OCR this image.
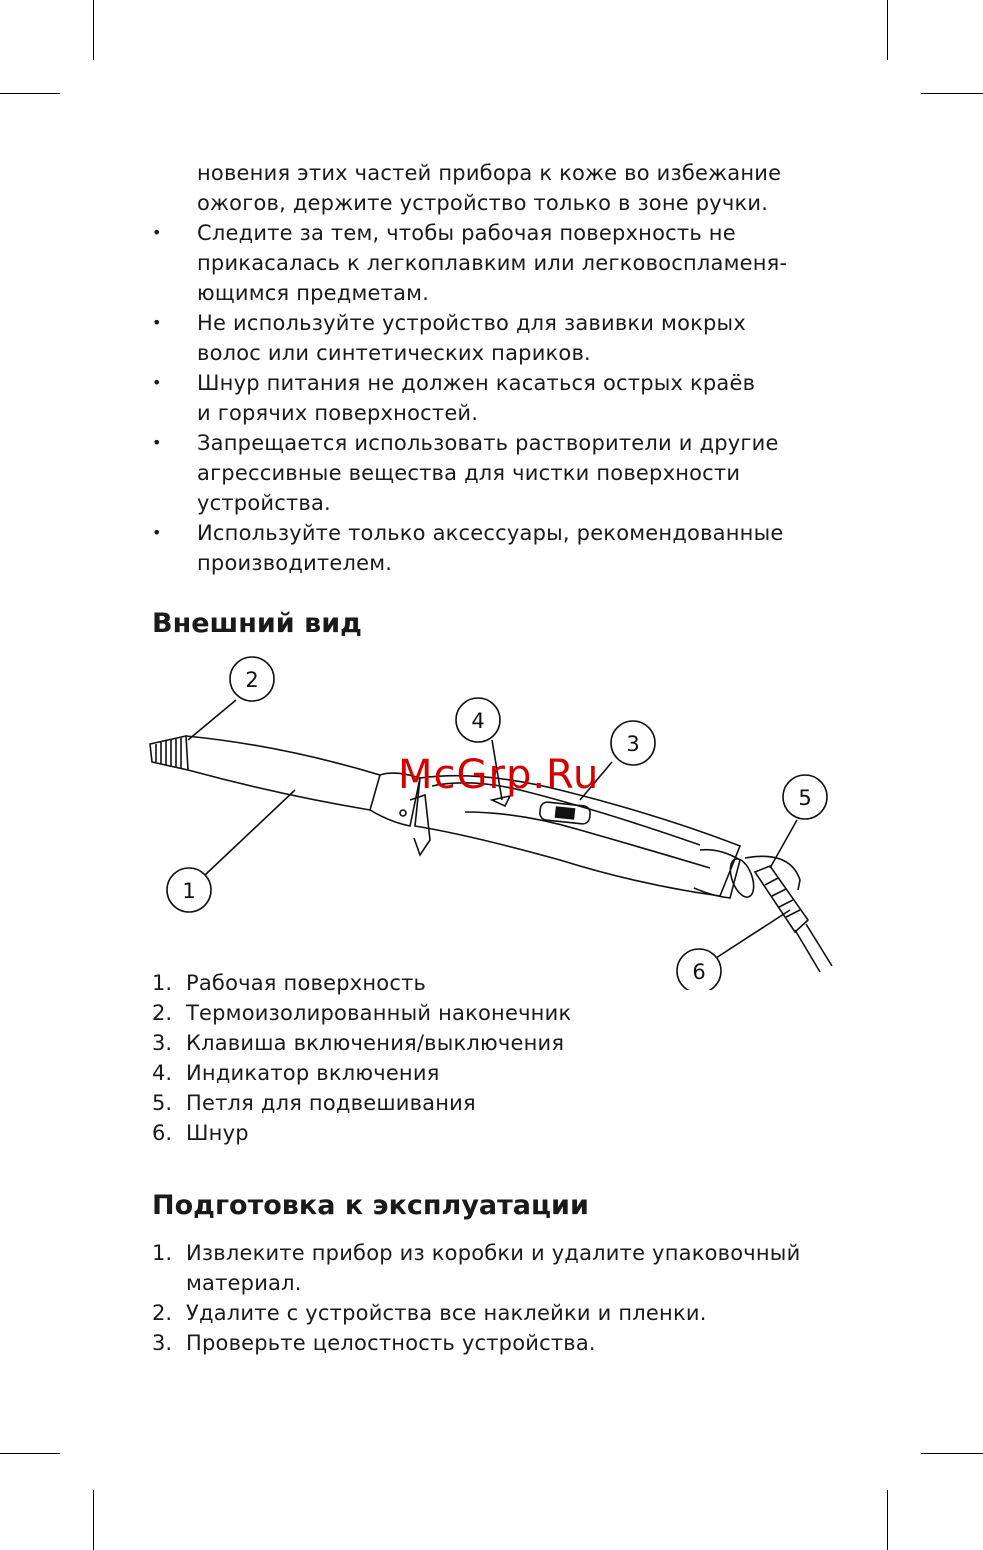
новения этих частей прибора к коже во избежание
ожогов, держите устройство только в зоне ручки.
• Следите за тем, чтобы рабочая поверхность не
прикасалась к легкоплавким или легковоспламеня-
ющимся предметам.
• Не используйте устройство для завивки мокрых
волос или синтетических париков.
• Шнур питания не должен касаться острых краёв
и горячих поверхностей.
• Запрещается использовать растворители и другие
агрессивные вещества для чистки поверхности
устройства.
• Используйте только аксессуары, рекомендованные
производителем.
Внешний вид
2
4
3
5
1
6
McGrp.Ru
1. Рабочая поверхность
2. Термоизолированный наконечник
3. Клавиша включения/выключения
4. Индикатор включения
5. Петля для подвешивания
6. Шнур
Подготовка к эксплуатации
1. Извлеките прибор из коробки и удалите упаковочный
материал.
2. Удалите с устройства все наклейки и пленки.
3. Проверьте целостность устройства.
